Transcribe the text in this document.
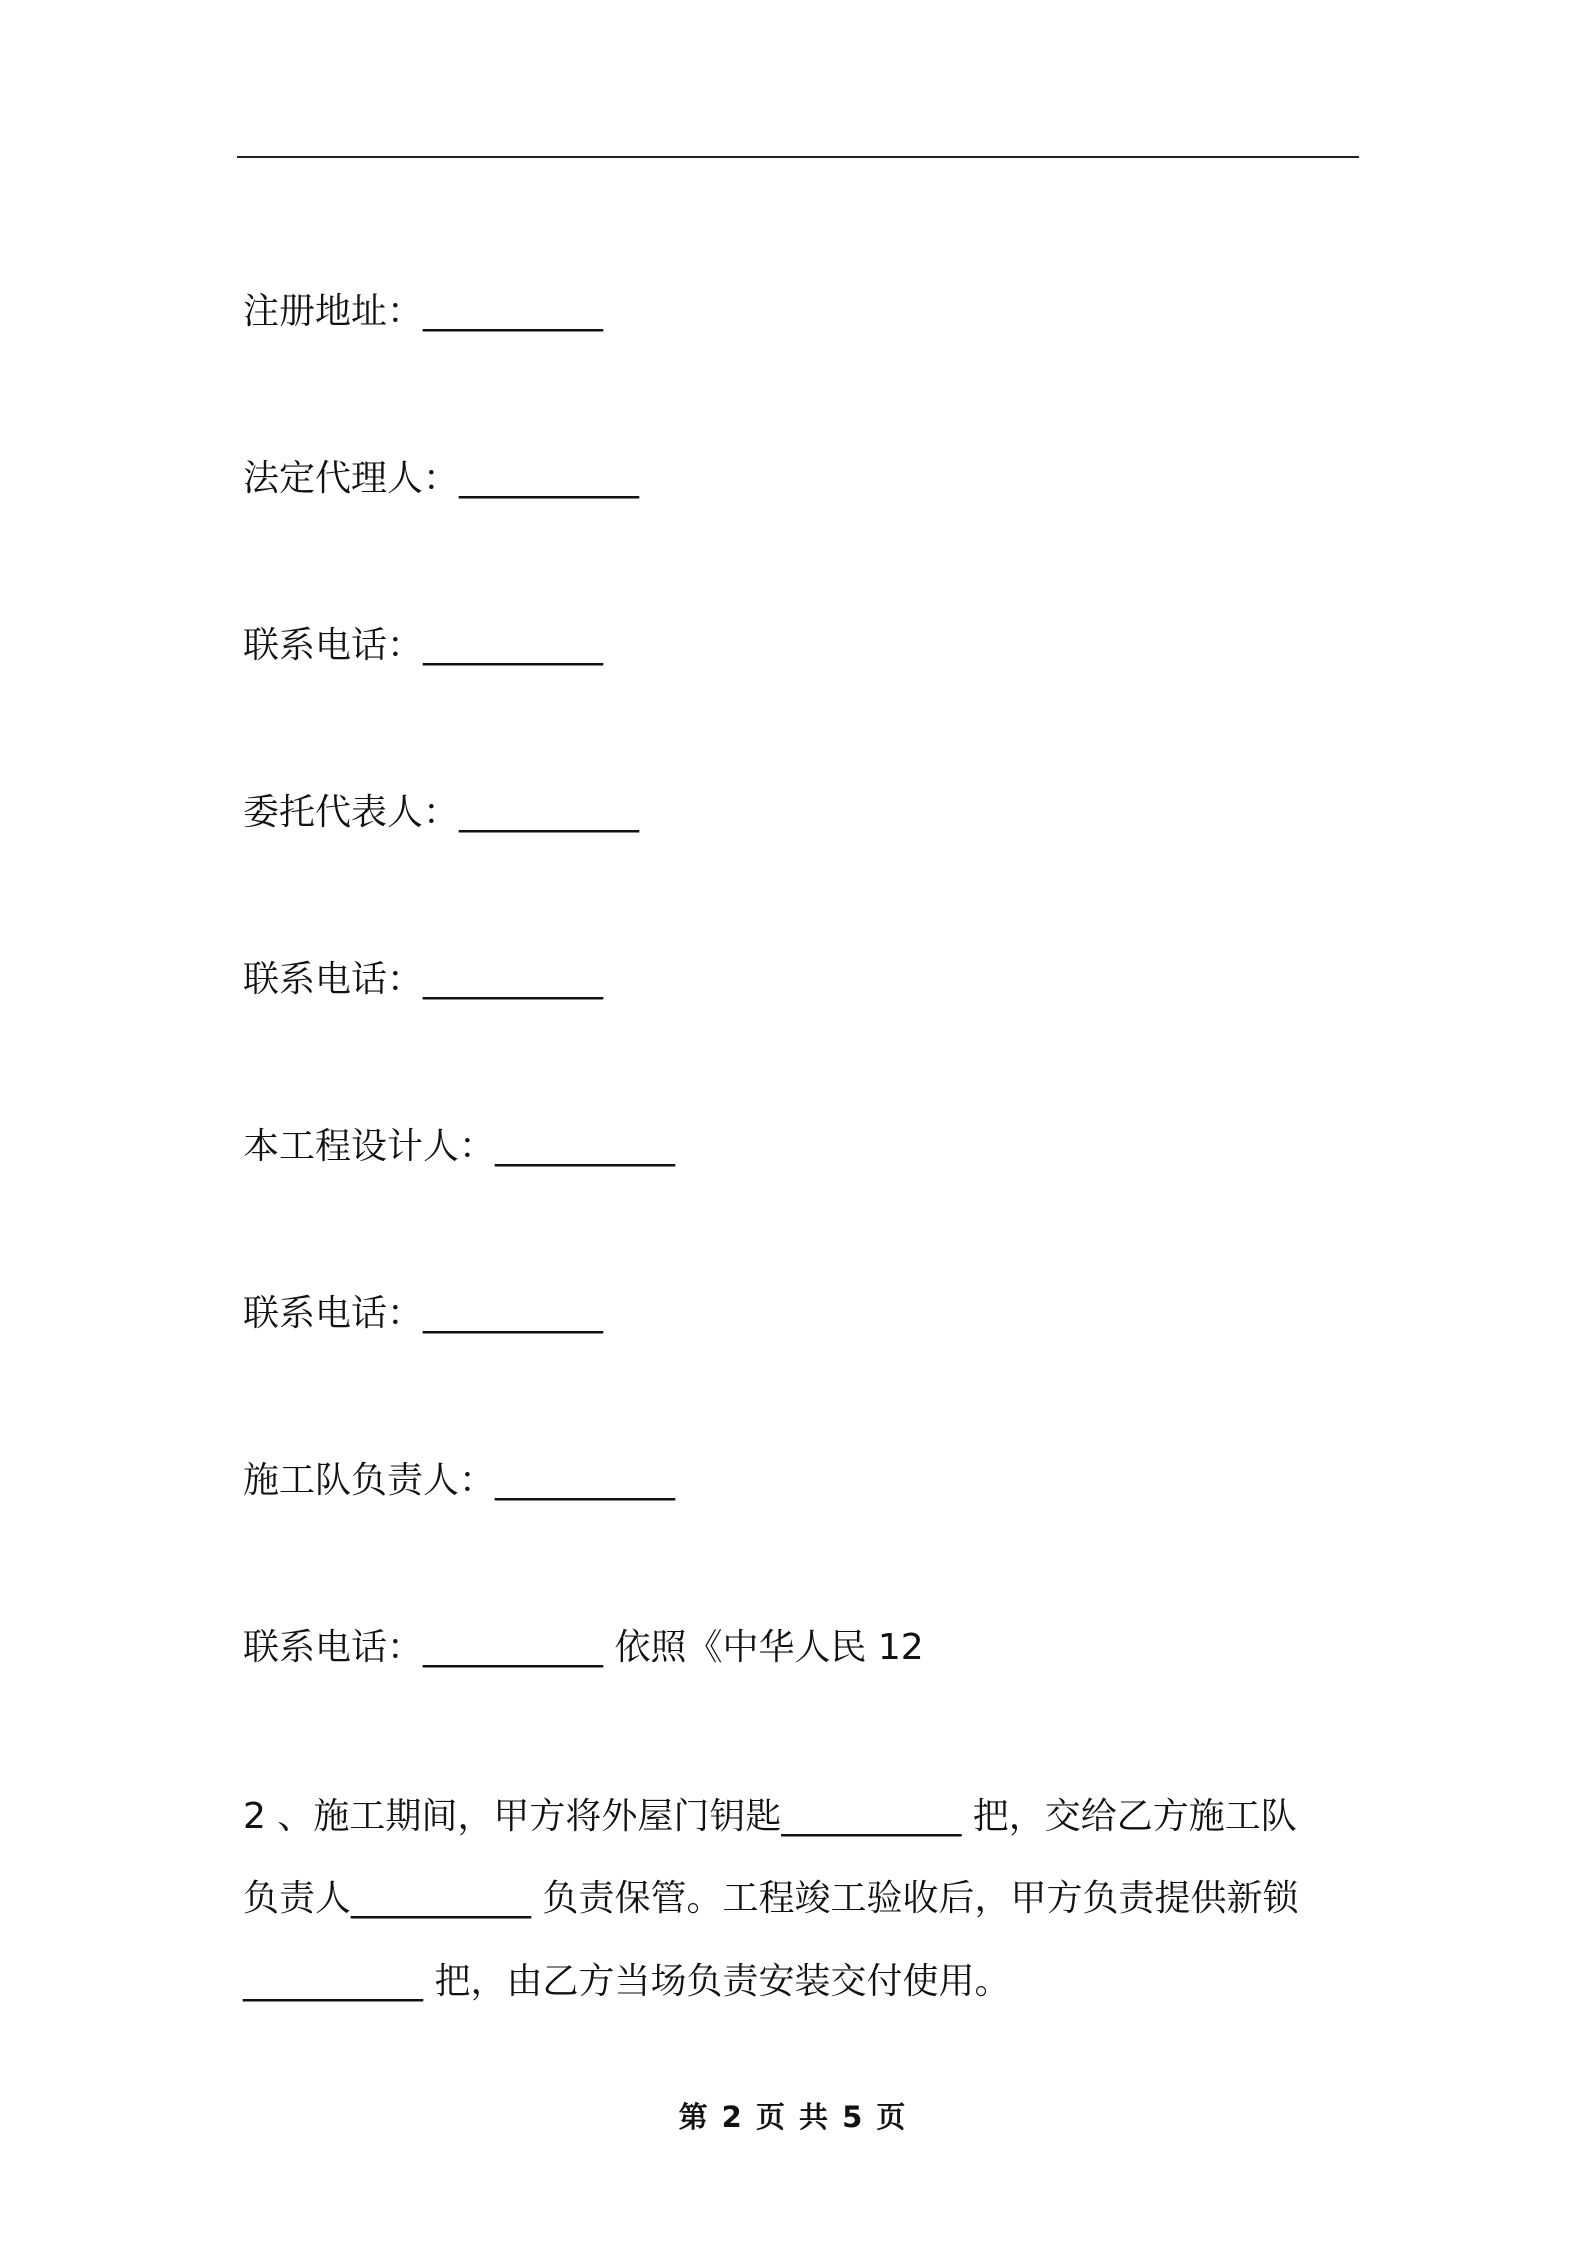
注册地址：__________
法定代理人：__________
联系电话：__________
委托代表人：__________
联系电话：__________
本工程设计人：__________
联系电话：__________
施工队负责人：__________
联系电话：__________ 依照《中华人民 12
2 、施工期间，甲方将外屋门钥匙__________ 把，交给乙方施工队
负责人__________ 负责保管。工程竣工验收后，甲方负责提供新锁
__________ 把，由乙方当场负责安装交付使用。
第 2 页 共 5 页
